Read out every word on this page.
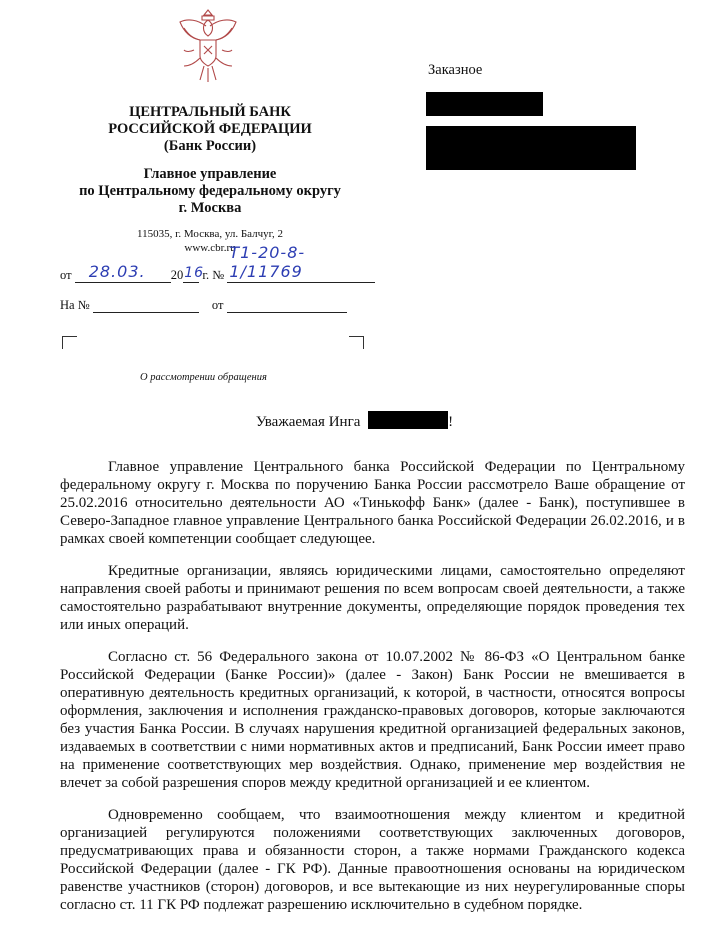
Заказное
ЦЕНТРАЛЬНЫЙ БАНК
РОССИЙСКОЙ ФЕДЕРАЦИИ
(Банк России)
Главное управление
по Центральному федеральному округу
г. Москва
115035, г. Москва, ул. Балчуг, 2
www.cbr.ru
от 28.03. 20 16
г. №
Т1-20-8-1/11769
На №	от
О рассмотрении обращения
Уважаемая Инга	!

Главное управление Центрального банка Российской Федерации по Центральному федеральному округу г. Москва по поручению Банка России рассмотрело Ваше обращение от 25.02.2016 относительно деятельности АО «Тинькофф Банк» (далее - Банк), поступившее в Северо-Западное главное управление Центрального банка Российской Федерации 26.02.2016, и в рамках своей компетенции сообщает следующее.

Кредитные организации, являясь юридическими лицами, самостоятельно определяют направления своей работы и принимают решения по всем вопросам своей деятельности, а также самостоятельно разрабатывают внутренние документы, определяющие порядок проведения тех или иных операций.

Согласно ст. 56 Федерального закона от 10.07.2002 № 86-ФЗ «О Центральном банке Российской Федерации (Банке России)» (далее - Закон) Банк России не вмешивается в оперативную деятельность кредитных организаций, к которой, в частности, относятся вопросы оформления, заключения и исполнения гражданско-правовых договоров, которые заключаются без участия Банка России. В случаях нарушения кредитной организацией федеральных законов, издаваемых в соответствии с ними нормативных актов и предписаний, Банк России имеет право на применение соответствующих мер воздействия. Однако, применение мер воздействия не влечет за собой разрешения споров между кредитной организацией и ее клиентом.

Одновременно сообщаем, что взаимоотношения между клиентом и кредитной организацией регулируются положениями соответствующих заключенных договоров, предусматривающих права и обязанности сторон, а также нормами Гражданского кодекса Российской Федерации (далее - ГК РФ). Данные правоотношения основаны на юридическом равенстве участников (сторон) договоров, и все вытекающие из них неурегулированные споры согласно ст. 11 ГК РФ подлежат разрешению исключительно в судебном порядке.
